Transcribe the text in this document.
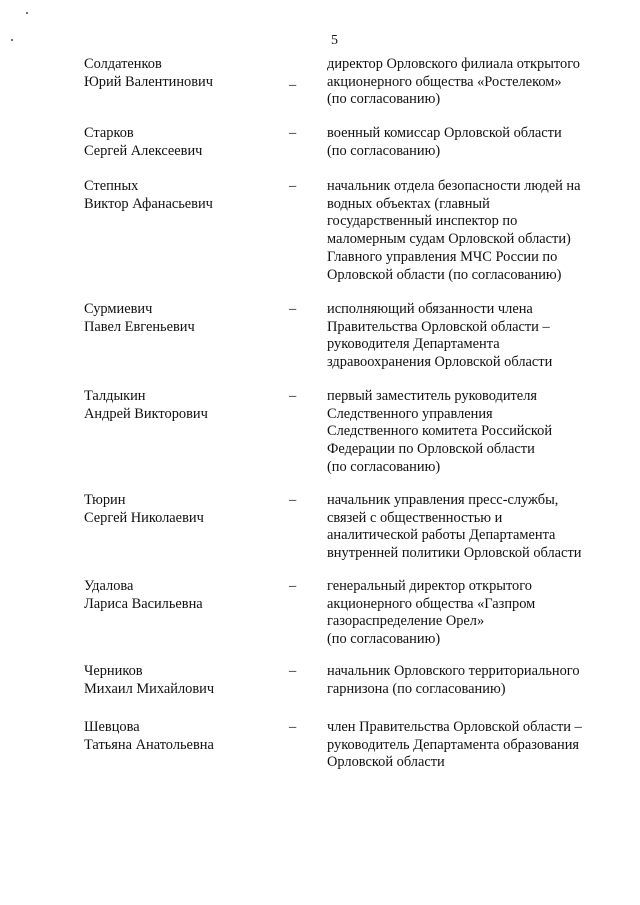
5
Солдатенков
Юрий Валентинович	–
директор Орловского филиала открытого
акционерного общества «Ростелеком»
(по согласованию)
Старков
Сергей Алексеевич
– военный комиссар Орловской области
(по согласованию)
Степных
Виктор Афанасьевич
– начальник отдела безопасности людей на
водных объектах (главный
государственный инспектор по
маломерным судам Орловской области)
Главного управления МЧС России по
Орловской области (по согласованию)
Сурмиевич
Павел Евгеньевич
– исполняющий обязанности члена
Правительства Орловской области –
руководителя Департамента
здравоохранения Орловской области
Талдыкин
Андрей Викторович
– первый заместитель руководителя
Следственного управления
Следственного комитета Российской
Федерации по Орловской области
(по согласованию)
Тюрин
Сергей Николаевич
– начальник управления пресс-службы,
связей с общественностью и
аналитической работы Департамента
внутренней политики Орловской области
Удалова
Лариса Васильевна
– генеральный директор открытого
акционерного общества «Газпром
газораспределение Орел»
(по согласованию)
Черников
Михаил Михайлович
– начальник Орловского территориального
гарнизона (по согласованию)
Шевцова
Татьяна Анатольевна
– член Правительства Орловской области –
руководитель Департамента образования
Орловской области
